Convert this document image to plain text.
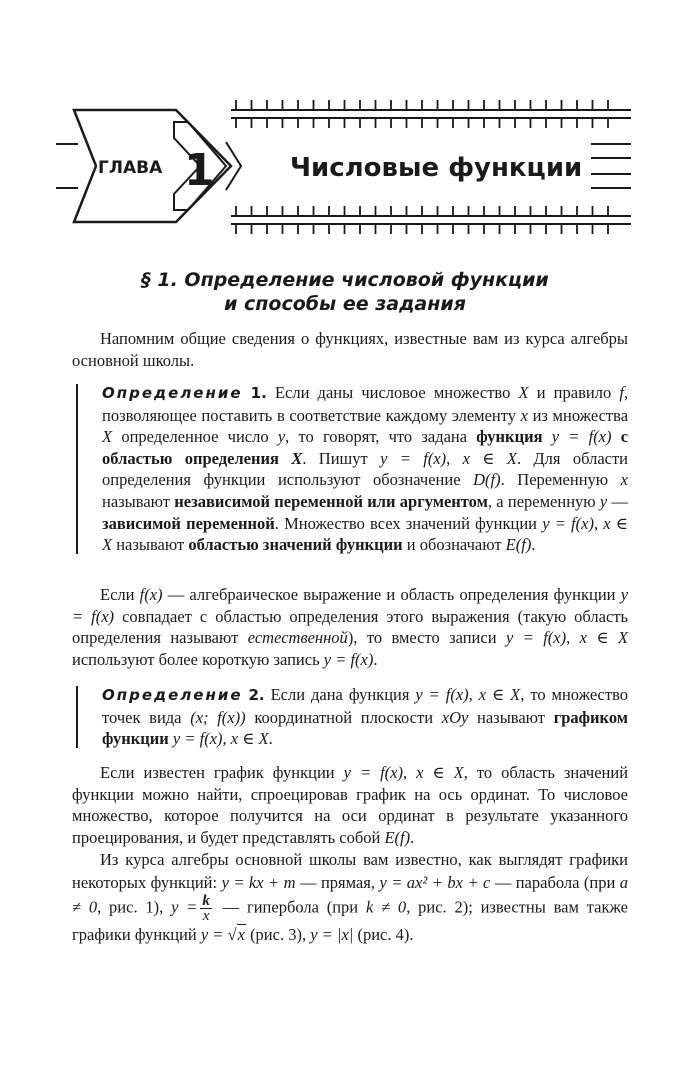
ГЛАВА 1	Числовые функции
§ 1. Определение числовой функции
и способы ее задания
Напомним общие сведения о функциях, известные вам из курса алгебры основной школы.
Определение 1. Если даны числовое множество X и правило f, позволяющее поставить в соответствие каждому элементу x из множества X определенное число y, то говорят, что задана функция y = f(x) с областью определения X. Пишут y = f(x), x ∈ X. Для области определения функции используют обозначение D(f). Переменную x называют независимой переменной или аргументом, а переменную y — зависимой переменной. Множество всех значений функции y = f(x), x ∈ X называют областью значений функции и обозначают E(f).
Если f(x) — алгебраическое выражение и область определения функции y = f(x) совпадает с областью определения этого выражения (такую область определения называют естественной), то вместо записи y = f(x), x ∈ X используют более короткую запись y = f(x).
Определение 2. Если дана функция y = f(x), x ∈ X, то множество точек вида (x; f(x)) координатной плоскости xOy называют графиком функции y = f(x), x ∈ X.
Если известен график функции y = f(x), x ∈ X, то область значений функции можно найти, спроецировав график на ось ординат. То числовое множество, которое получится на оси ординат в результате указанного проецирования, и будет представлять собой E(f).
Из курса алгебры основной школы вам известно, как выглядят графики некоторых функций: y = kx + m — прямая, y = ax² + bx + c — парабола (при a ≠ 0, рис. 1), $y = \frac{k}{x}$ — гипербола (при k ≠ 0, рис. 2); известны вам также графики функций y = √x (рис. 3), y = |x| (рис. 4).
